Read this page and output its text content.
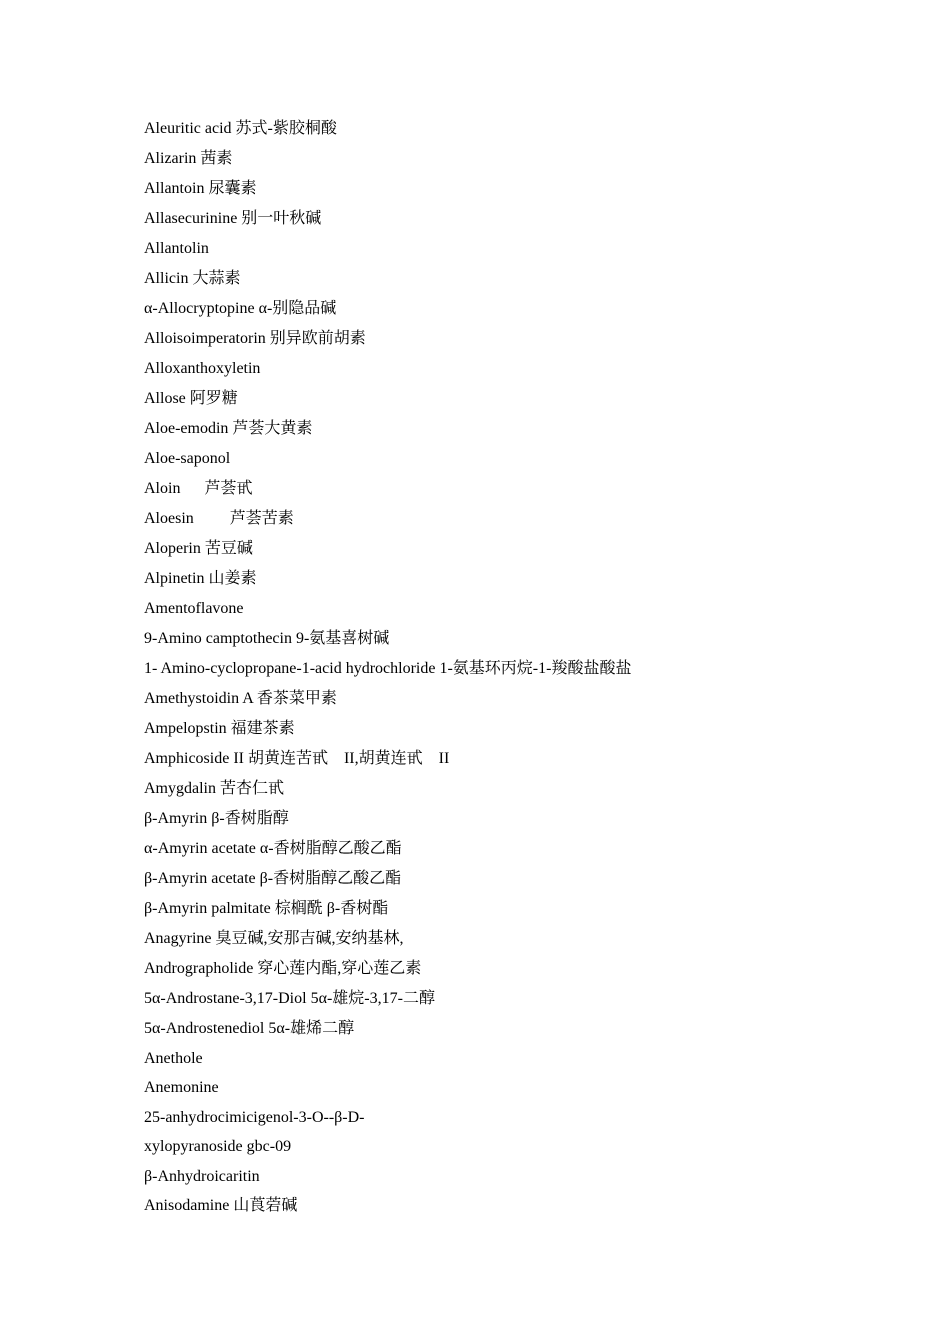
Aleuritic acid 苏式-紫胶桐酸
Alizarin 茜素
Allantoin 尿囊素
Allasecurinine 别一叶秋碱
Allantolin
Allicin 大蒜素
α-Allocryptopine α-别隐品碱
Alloisoimperatorin 别异欧前胡素
Alloxanthoxyletin
Allose 阿罗糖
Aloe-emodin 芦荟大黄素
Aloe-saponol
Aloin      芦荟甙
Aloesin         芦荟苦素
Aloperin 苦豆碱
Alpinetin 山姜素
Amentoflavone
9-Amino camptothecin 9-氨基喜树碱
1- Amino-cyclopropane-1-acid hydrochloride 1-氨基环丙烷-1-羧酸盐酸盐
Amethystoidin A 香茶菜甲素
Ampelopstin 福建茶素
Amphicoside II 胡黄连苦甙    II,胡黄连甙    II
Amygdalin 苦杏仁甙
β-Amyrin β-香树脂醇
α-Amyrin acetate α-香树脂醇乙酸乙酯
β-Amyrin acetate β-香树脂醇乙酸乙酯
β-Amyrin palmitate 棕榈酰 β-香树酯
Anagyrine 臭豆碱,安那吉碱,安纳基林,
Andrographolide 穿心莲内酯,穿心莲乙素
5α-Androstane-3,17-Diol 5α-雄烷-3,17-二醇
5α-Androstenediol 5α-雄烯二醇
Anethole
Anemonine
25-anhydrocimicigenol-3-O--β-D-
xylopyranoside gbc-09
β-Anhydroicaritin
Anisodamine 山莨菪碱
